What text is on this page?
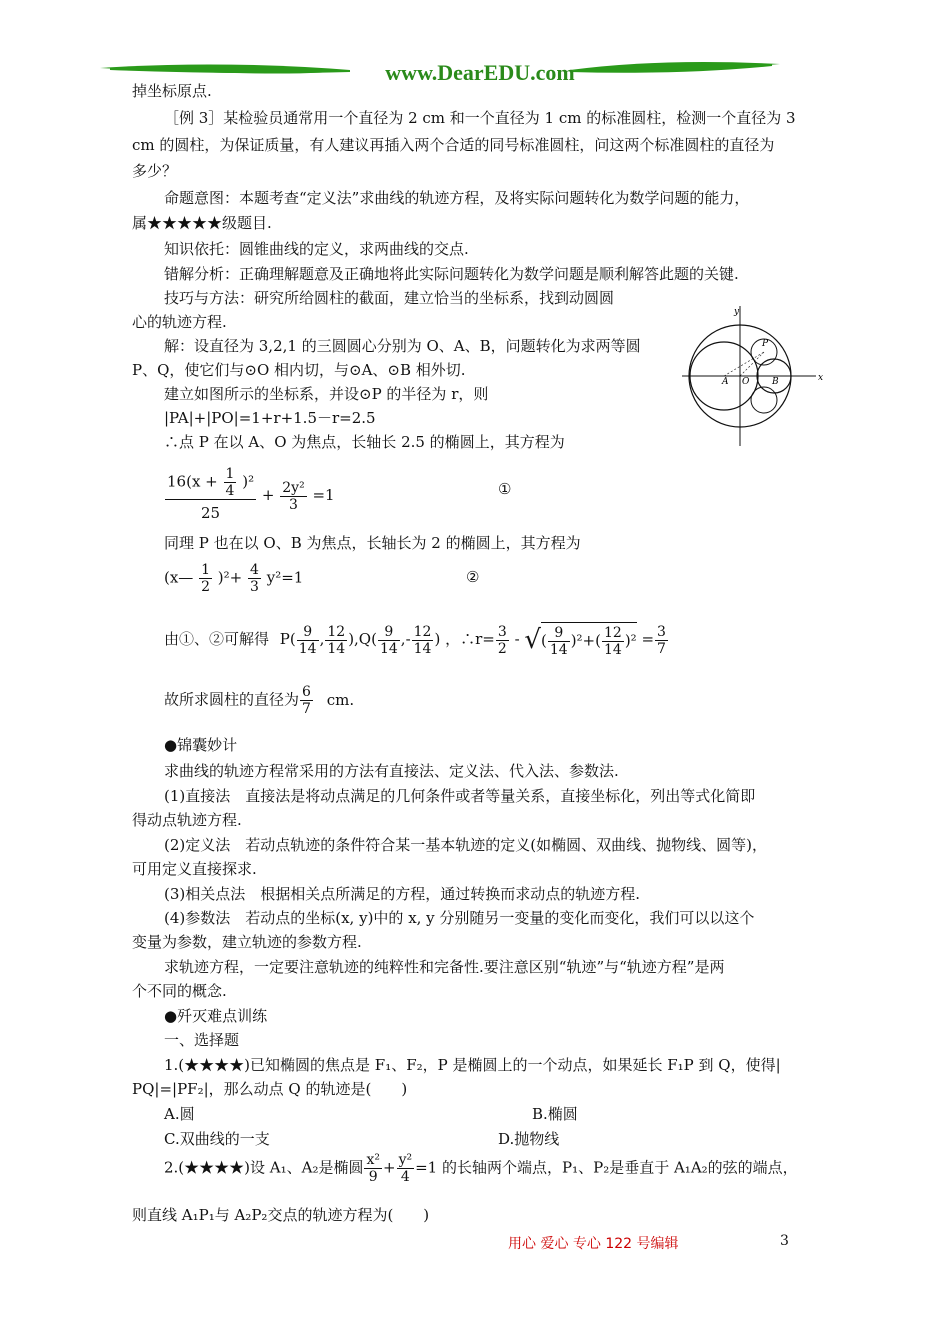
www.DearEDU.com
掉坐标原点.
［例 3］某检验员通常用一个直径为 2 cm 和一个直径为 1 cm 的标准圆柱，检测一个直径为 3
cm 的圆柱，为保证质量，有人建议再插入两个合适的同号标准圆柱，问这两个标准圆柱的直径为
多少？
命题意图：本题考查“定义法”求曲线的轨迹方程，及将实际问题转化为数学问题的能力，
属★★★★★级题目.
知识依托：圆锥曲线的定义，求两曲线的交点.
错解分析：正确理解题意及正确地将此实际问题转化为数学问题是顺利解答此题的关键.
技巧与方法：研究所给圆柱的截面，建立恰当的坐标系，找到动圆圆
心的轨迹方程.
解：设直径为 3,2,1 的三圆圆心分别为 O、A、B，问题转化为求两等圆
P、Q，使它们与⊙O 相内切，与⊙A、⊙B 相外切.
建立如图所示的坐标系，并设⊙P 的半径为 r，则
|PA|+|PO|=1+r+1.5－r=2.5
∴点 P 在以 A、O 为焦点，长轴长 2.5 的椭圆上，其方程为
$\frac{16(x + \frac{1}{4} )^2}{25} + \frac{\text{2y²}}{3} =1$	①
同理 P 也在以 O、B 为焦点，长轴长为 2 的椭圆上，其方程为
(x— $\frac{1}{2} )^2+ \frac{4}{3} y^2=1$	②
由①、②可解得 $P( \frac{9}{14}$ , $\frac{12}{14} ),Q( \frac{9}{14}$ ,- $\frac{12}{14}$ ) ，∴r= $\frac{3}{2}$ - √( $\frac{9}{14} )^2+( \frac{12}{14} )^2 = \frac{3}{7}$
故所求圆柱的直径为 $\frac{6}{7}$ cm.
●锦囊妙计
求曲线的轨迹方程常采用的方法有直接法、定义法、代入法、参数法.
(1)直接法　直接法是将动点满足的几何条件或者等量关系，直接坐标化，列出等式化简即
得动点轨迹方程.
(2)定义法　若动点轨迹的条件符合某一基本轨迹的定义(如椭圆、双曲线、抛物线、圆等)，
可用定义直接探求.
(3)相关点法　根据相关点所满足的方程，通过转换而求动点的轨迹方程.
(4)参数法　若动点的坐标(x, y)中的 x, y 分别随另一变量的变化而变化，我们可以以这个
变量为参数，建立轨迹的参数方程.
求轨迹方程，一定要注意轨迹的纯粹性和完备性.要注意区别“轨迹”与“轨迹方程”是两
个不同的概念.
●歼灭难点训练
一、选择题
1.(★★★★)已知椭圆的焦点是 F₁、F₂，P 是椭圆上的一个动点，如果延长 F₁P 到 Q，使得|
PQ|=|PF₂|，那么动点 Q 的轨迹是(　　)
A.圆	B.椭圆
C.双曲线的一支	D.抛物线
2.(★★★★)设 A₁、A₂是椭圆 $\frac{\text{x²}}{9} + \frac{\text{y²}}{4} =1$ 的长轴两个端点，P₁、P₂是垂直于 A₁A₂的弦的端点，
则直线 A₁P₁与 A₂P₂交点的轨迹方程为(　　)
y
x
P
A O	B
用心 爱心 专心 122 号编辑	3
